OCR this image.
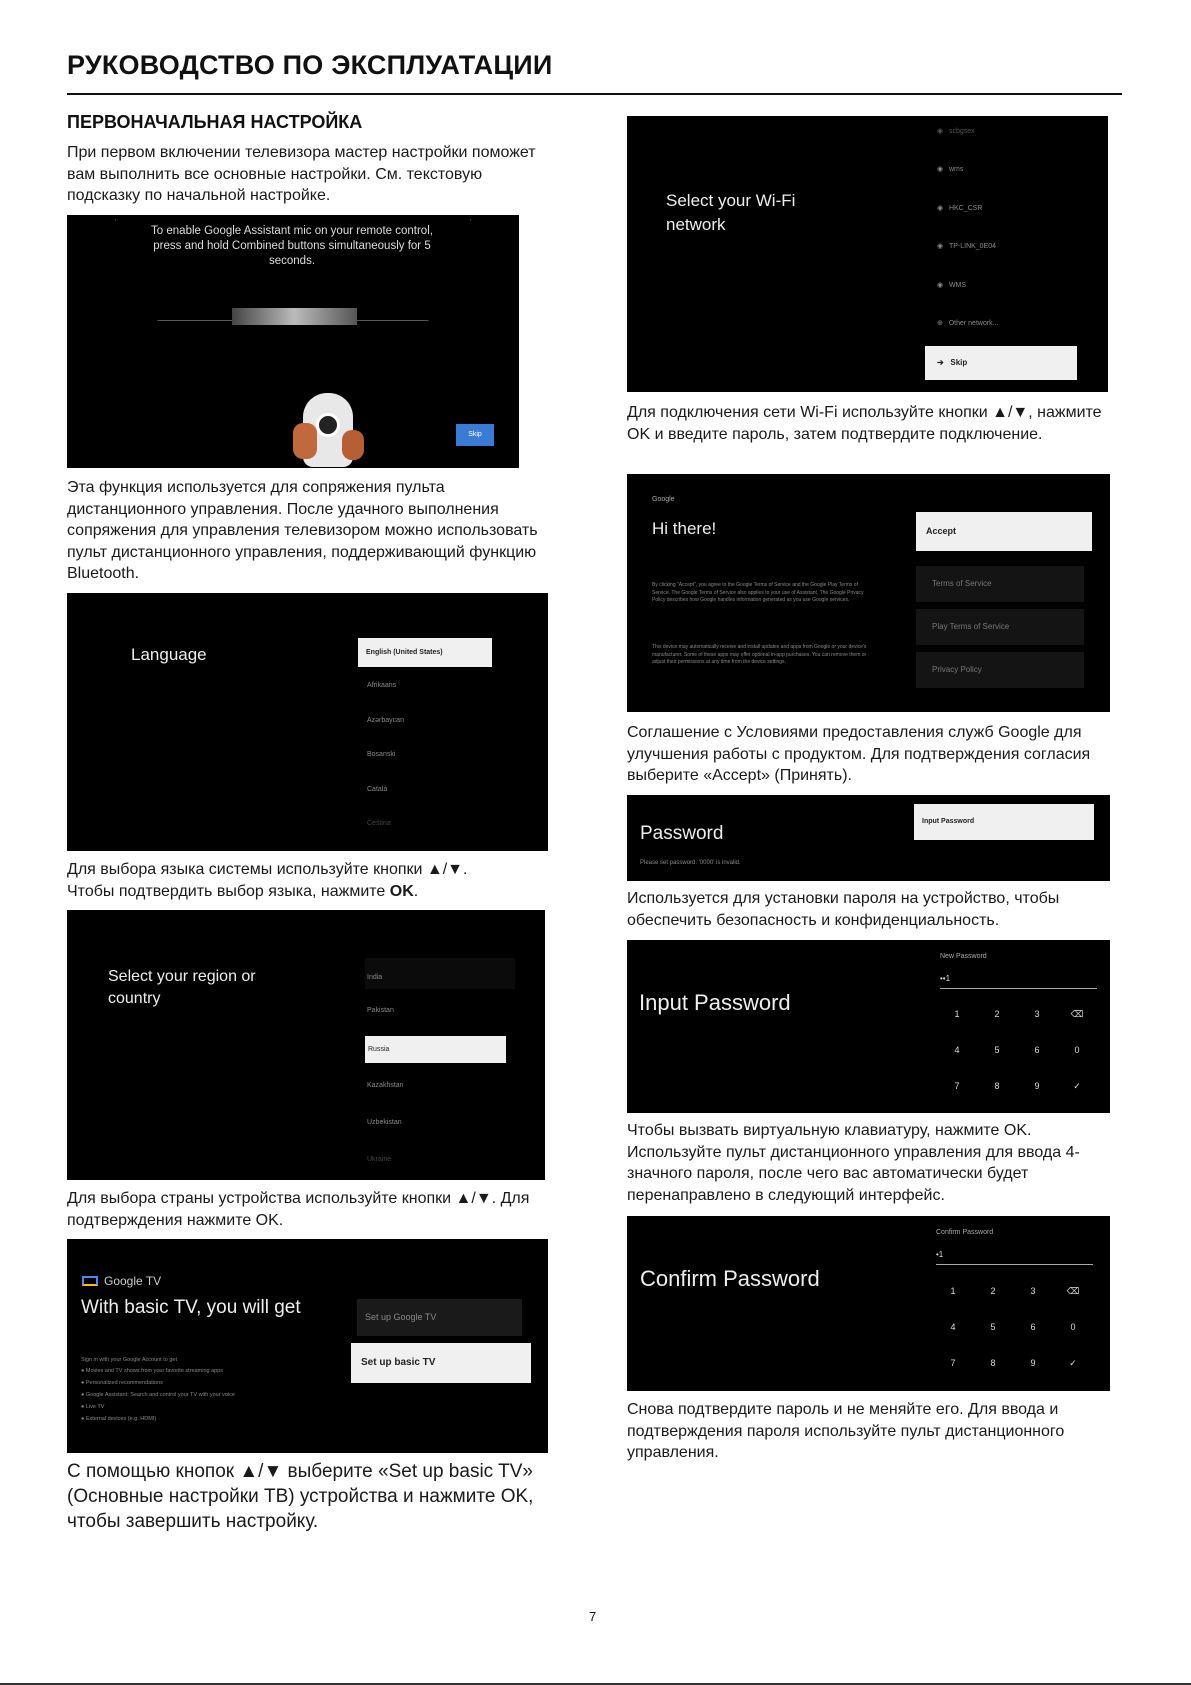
РУКОВОДСТВО ПО ЭКСПЛУАТАЦИИ
ПЕРВОНАЧАЛЬНАЯ НАСТРОЙКА
При первом включении телевизора мастер настройки поможет вам выполнить все основные настройки. См. текстовую подсказку по начальной настройке.
To enable Google Assistant mic on your remote control, press and hold Combined buttons simultaneously for 5 seconds.
Skip
Эта функция используется для сопряжения пульта дистанционного управления. После удачного выполнения сопряжения для управления телевизором можно использовать пульт дистанционного управления, поддерживающий функцию Bluetooth.
Language	English (United States)
Afrikaans
Azərbaycan
Bosanski
Català
Čeština
Для выбора языка системы используйте кнопки ▲/▼.
Чтобы подтвердить выбор языка, нажмите OK.
Select your region or country
India
Pakistan
Russia
Kazakhstan
Uzbekistan
Ukraine
Для выбора страны устройства используйте кнопки ▲/▼. Для подтверждения нажмите OK.
Google TV
With basic TV, you will get
Sign in with your Google Account to get
● Movies and TV shows from your favorite streaming apps
● Personalized recommendations
● Google Assistant: Search and control your TV with your voice
● Live TV
● External devices (e.g. HDMI)
Set up Google TV
Set up basic TV
С помощью кнопок ▲/▼ выберите «Set up basic TV» (Основные настройки ТВ) устройства и нажмите OK, чтобы завершить настройку.
Select your Wi-Fi network
◉   scbgsex
◉   wms
◉   HKC_CSR
◉   TP-LINK_0E04
◉   WMS
⊕   Other network...
➔   Skip
Для подключения сети Wi-Fi используйте кнопки ▲/▼, нажмите OK и введите пароль, затем подтвердите подключение.
Google
Hi there!
By clicking "Accept", you agree to the Google Terms of Service and the Google Play Terms of Service. The Google Terms of Service also applies to your use of Assistant. The Google Privacy Policy describes how Google handles information generated as you use Google services.
This device may automatically receive and install updates and apps from Google or your device's manufacturer. Some of these apps may offer optional in-app purchases. You can remove them or adjust their permissions at any time from the device settings.
Accept
Terms of Service
Play Terms of Service
Privacy Policy
Соглашение с Условиями предоставления служб Google для улучшения работы с продуктом. Для подтверждения согласия выберите «Accept» (Принять).
Password
Please set password. '0000' is invalid.
Input Password
Используется для установки пароля на устройство, чтобы обеспечить безопасность и конфиденциальность.
Input Password
New Password
••1
1	2	3	⌫
4	5	6	0
7	8	9	✓
Чтобы вызвать виртуальную клавиатуру, нажмите OK. Используйте пульт дистанционного управления для ввода 4-значного пароля, после чего вас автоматически будет перенаправлено в следующий интерфейс.
Confirm Password
Confirm Password
•1
1	2	3	⌫
4	5	6	0
7	8	9	✓
Снова подтвердите пароль и не меняйте его. Для ввода и подтверждения пароля используйте пульт дистанционного управления.
7
